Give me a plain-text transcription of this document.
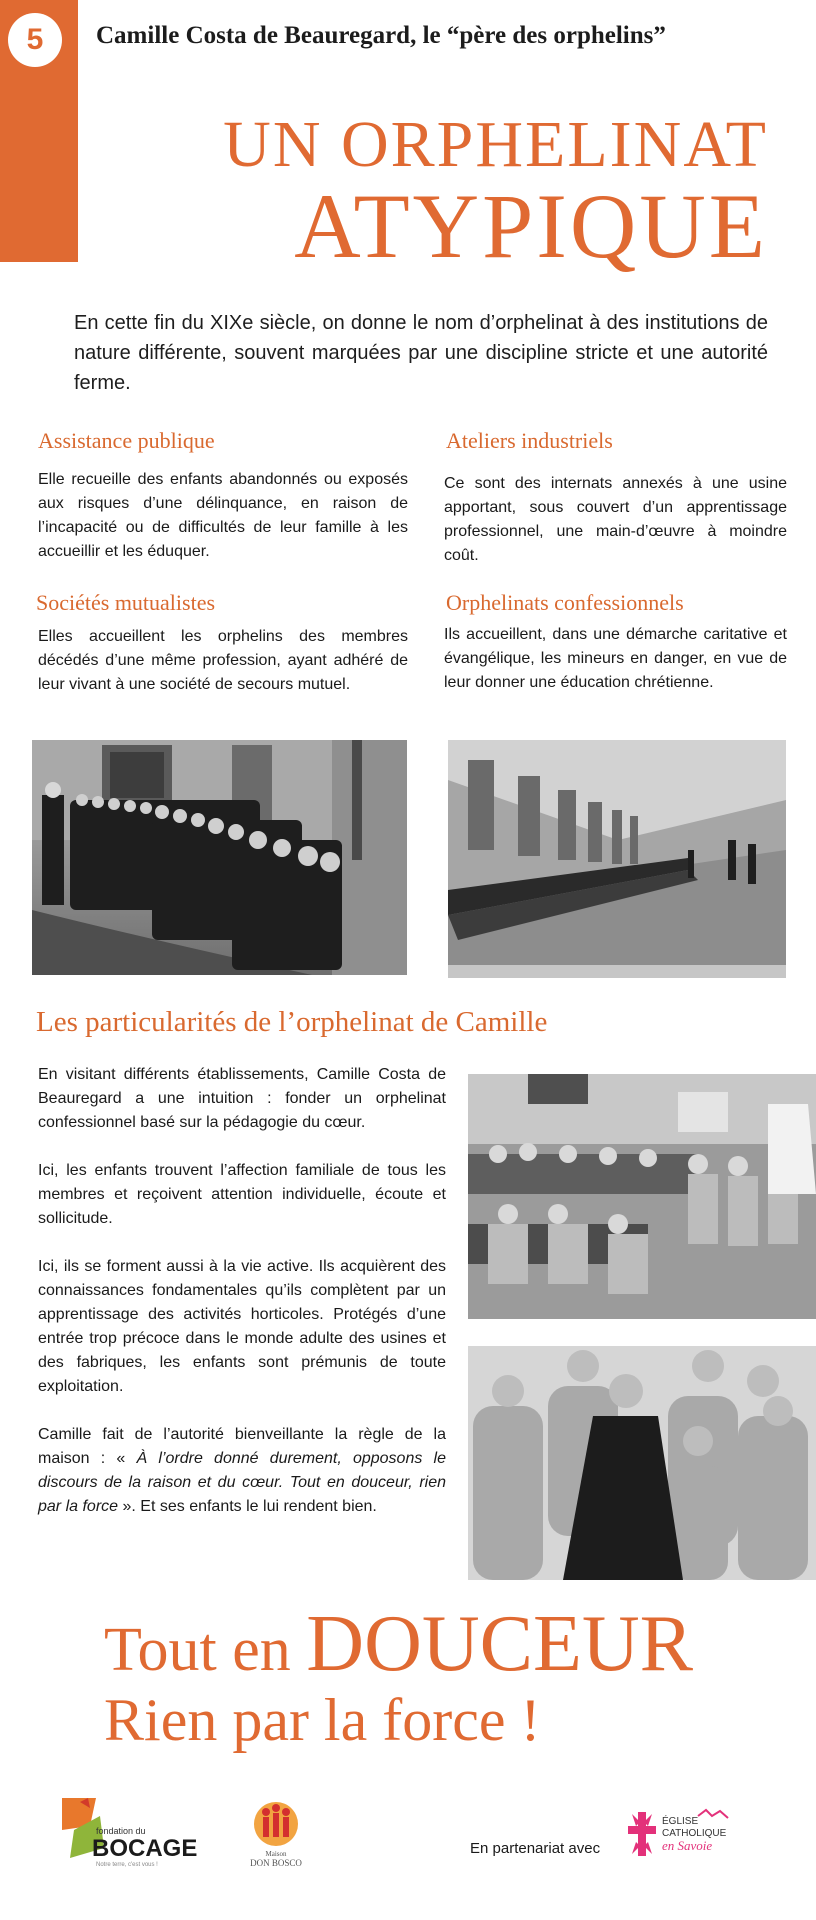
5	Camille Costa de Beauregard, le “père des orphelins”
UN ORPHELINAT
ATYPIQUE
En cette fin du XIXe siècle, on donne le nom d’orphelinat à des institutions de nature différente, souvent marquées par une discipline stricte et une autorité ferme.
Assistance publique
Elle recueille des enfants abandonnés ou exposés aux risques d’une délinquance, en raison de l’incapacité ou de difficultés de leur famille à les accueillir et les éduquer.
Ateliers industriels
Ce sont des internats annexés à une usine apportant, sous couvert d’un apprentissage professionnel, une main-d’œuvre à moindre coût.
Sociétés mutualistes
Elles accueillent les orphelins des membres décédés d’une même profession, ayant adhéré de leur vivant à une société de secours mutuel.
Orphelinats confessionnels
Ils accueillent, dans une démarche caritative et évangélique, les mineurs en danger, en vue de leur donner une éducation chrétienne.
Les particularités de l’orphelinat de Camille

En visitant différents établissements, Camille Costa de Beauregard a une intuition : fonder un orphelinat confessionnel basé sur la pédagogie du cœur.

Ici, les enfants trouvent l’affection familiale de tous les membres et reçoivent attention individuelle, écoute et sollicitude.

Ici, ils se forment aussi à la vie active. Ils acquièrent des connaissances fondamentales qu’ils complètent par un apprentissage des activités horticoles. Protégés d’une entrée trop précoce dans le monde adulte des usines et des fabriques, les enfants sont prémunis de toute exploitation.

Camille fait de l’autorité bienveillante la règle de la maison : « À l’ordre donné durement, opposons le discours de la raison et du cœur. Tout en douceur, rien par la force ». Et ses enfants le lui rendent bien.

Tout en DOUCEUR
Rien par la force !
fondation du
BOCAGE
Notre terre, c'est vous !
Maison
DON BOSCO
En partenariat avec
ÉGLISE
CATHOLIQUE
en Savoie
